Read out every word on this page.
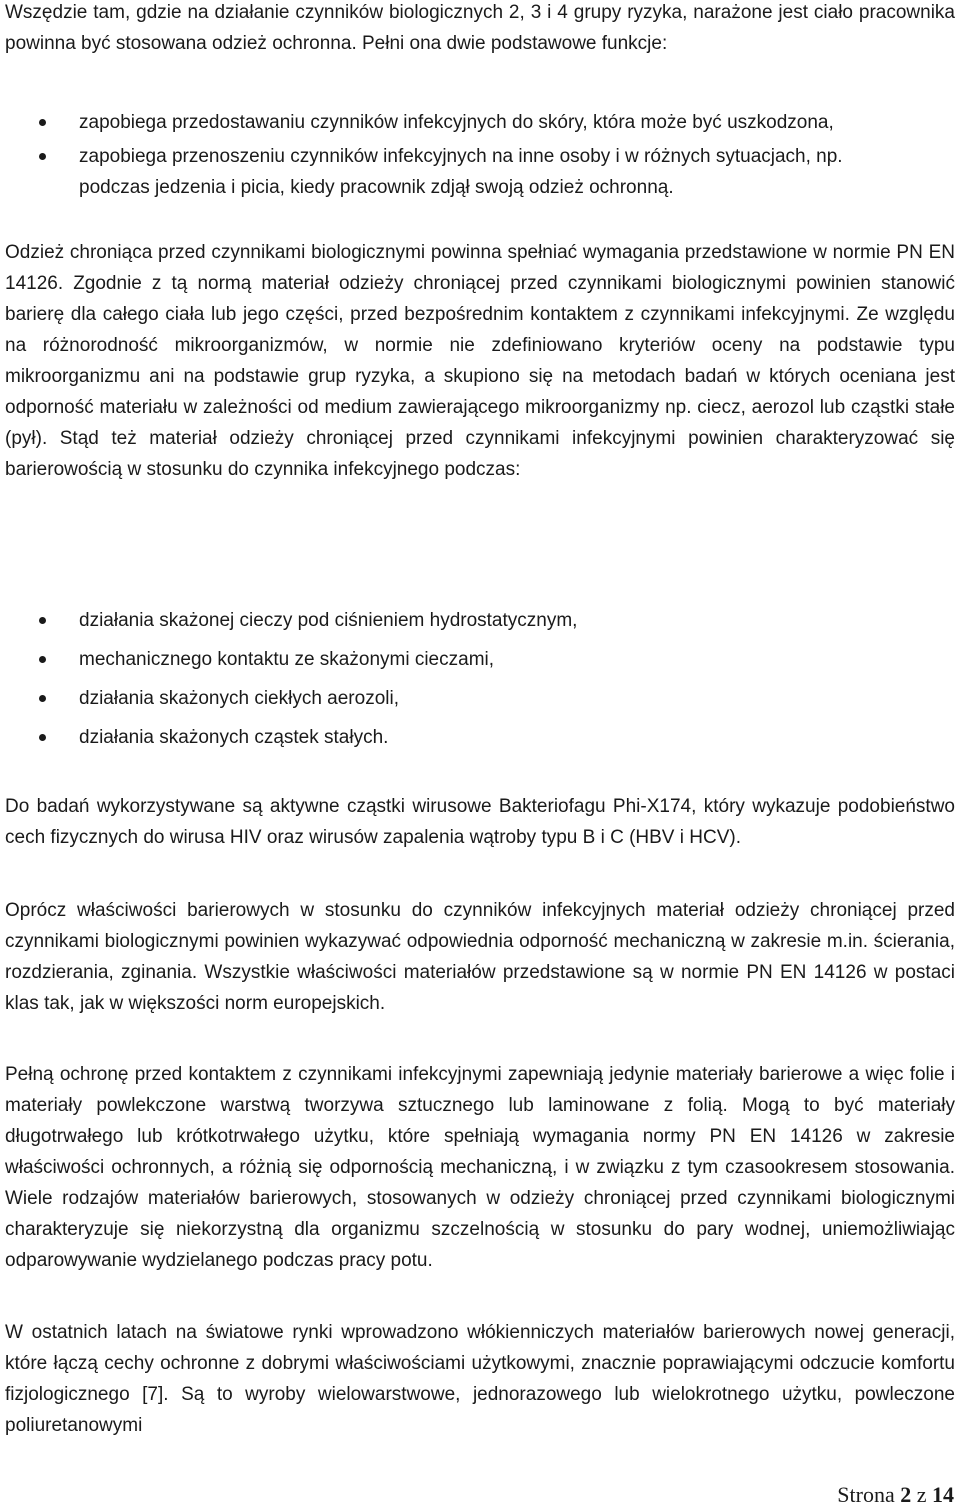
Wszędzie tam, gdzie na działanie czynników biologicznych 2, 3 i 4 grupy ryzyka, narażone jest ciało pracownika powinna być stosowana odzież ochronna. Pełni ona dwie podstawowe funkcje:

zapobiega przedostawaniu czynników infekcyjnych do skóry, która może być uszkodzona,
zapobiega przenoszeniu czynników infekcyjnych na inne osoby i w różnych sytuacjach, np. podczas jedzenia i picia, kiedy pracownik zdjął swoją odzież ochronną.

Odzież chroniąca przed czynnikami biologicznymi powinna spełniać wymagania przedstawione w normie PN EN 14126. Zgodnie z tą normą materiał odzieży chroniącej przed czynnikami biologicznymi powinien stanowić barierę dla całego ciała lub jego części, przed bezpośrednim kontaktem z czynnikami infekcyjnymi. Ze względu na różnorodność mikroorganizmów, w normie nie zdefiniowano kryteriów oceny na podstawie typu mikroorganizmu ani na podstawie grup ryzyka, a skupiono się na metodach badań w których oceniana jest odporność materiału w zależności od medium zawierającego mikroorganizmy np. ciecz, aerozol lub cząstki stałe (pył). Stąd też materiał odzieży chroniącej przed czynnikami infekcyjnymi powinien charakteryzować się barierowością w stosunku do czynnika infekcyjnego podczas:

działania skażonej cieczy pod ciśnieniem hydrostatycznym,
mechanicznego kontaktu ze skażonymi cieczami,
działania skażonych ciekłych aerozoli,
działania skażonych cząstek stałych.

Do badań wykorzystywane są aktywne cząstki wirusowe Bakteriofagu Phi-X174, który wykazuje podobieństwo cech fizycznych do wirusa HIV oraz wirusów zapalenia wątroby typu B i C (HBV i HCV).

Oprócz właściwości barierowych w stosunku do czynników infekcyjnych materiał odzieży chroniącej przed czynnikami biologicznymi powinien wykazywać odpowiednia odporność mechaniczną w zakresie m.in. ścierania, rozdzierania, zginania. Wszystkie właściwości materiałów przedstawione są w normie PN EN 14126 w postaci klas tak, jak w większości norm europejskich.

Pełną ochronę przed kontaktem z czynnikami infekcyjnymi zapewniają jedynie materiały barierowe a więc folie i materiały powlekczone warstwą tworzywa sztucznego lub laminowane z folią. Mogą to być materiały długotrwałego lub krótkotrwałego użytku, które spełniają wymagania normy PN EN 14126 w zakresie właściwości ochronnych, a różnią się odpornością mechaniczną, i w związku z tym czasookresem stosowania. Wiele rodzajów materiałów barierowych, stosowanych w odzieży chroniącej przed czynnikami biologicznymi charakteryzuje się niekorzystną dla organizmu szczelnością w stosunku do pary wodnej, uniemożliwiając odparowywanie wydzielanego podczas pracy potu.

W ostatnich latach na światowe rynki wprowadzono włókienniczych materiałów barierowych nowej generacji, które łączą cechy ochronne z dobrymi właściwościami użytkowymi, znacznie poprawiającymi odczucie komfortu fizjologicznego [7]. Są to wyroby wielowarstwowe, jednorazowego lub wielokrotnego użytku, powleczone poliuretanowymi

Strona 2 z 14
